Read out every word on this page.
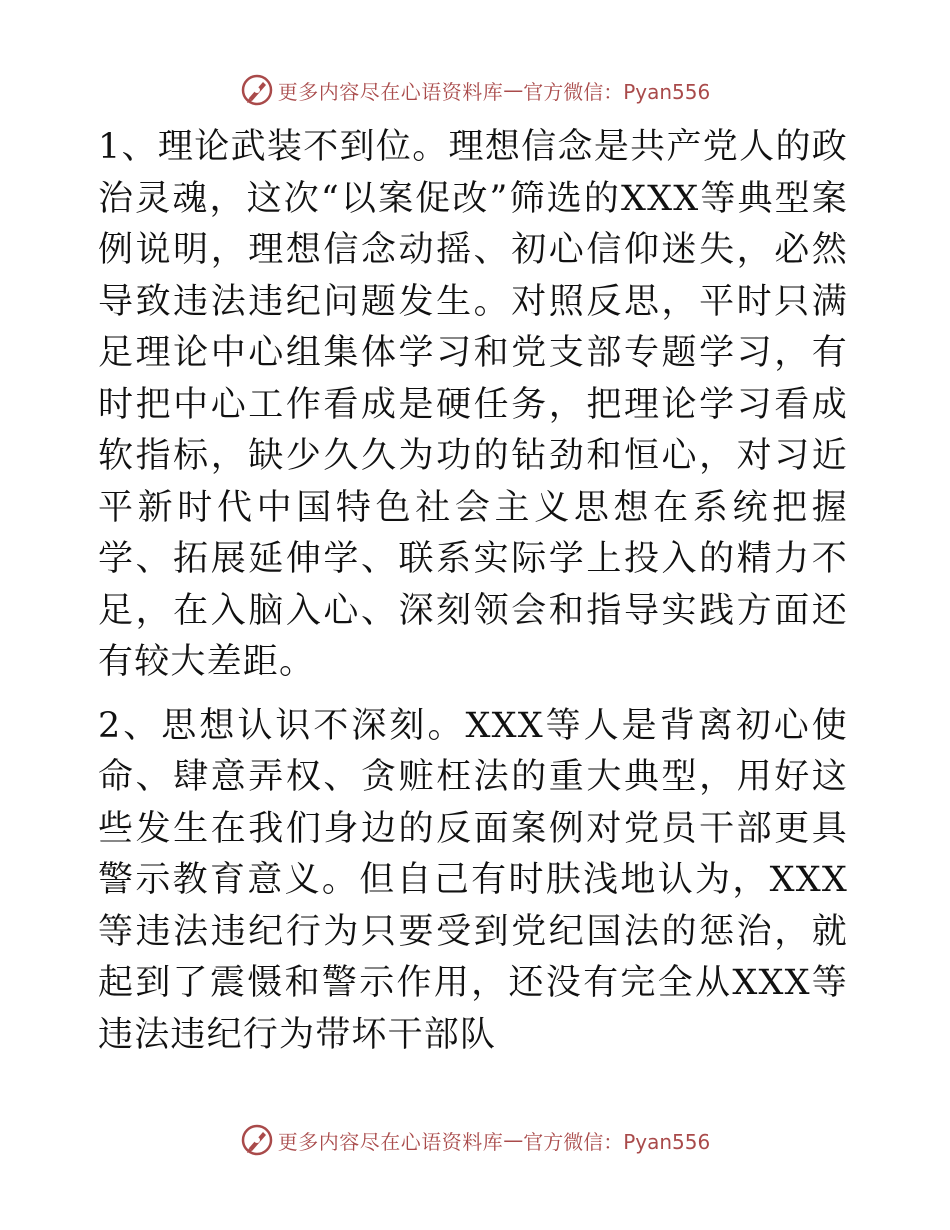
更多内容尽在心语资料库 — 官方微信：Pyan556

1、理论武装不到位。理想信念是共产党人的政治灵魂，这次“以案促改”筛选的XXX等典型案例说明，理想信念动摇、初心信仰迷失，必然导致违法违纪问题发生。对照反思，平时只满足理论中心组集体学习和党支部专题学习，有时把中心工作看成是硬任务，把理论学习看成软指标，缺少久久为功的钻劲和恒心，对习近平新时代中国特色社会主义思想在系统把握学、拓展延伸学、联系实际学上投入的精力不足，在入脑入心、深刻领会和指导实践方面还有较大差距。

2、思想认识不深刻。XXX等人是背离初心使命、肆意弄权、贪赃枉法的重大典型，用好这些发生在我们身边的反面案例对党员干部更具警示教育意义。但自己有时肤浅地认为，XXX等违法违纪行为只要受到党纪国法的惩治，就起到了震慑和警示作用，还没有完全从XXX等违法违纪行为带坏干部队

更多内容尽在心语资料库 — 官方微信：Pyan556
